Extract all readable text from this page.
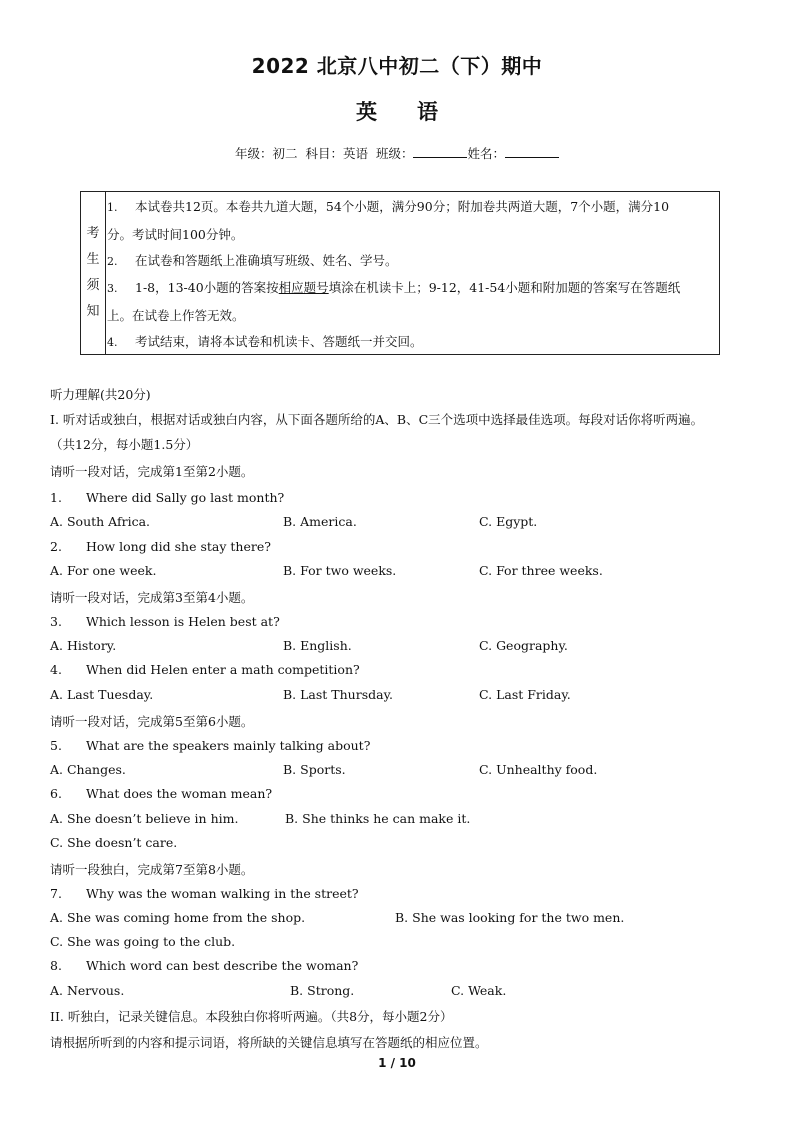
2022 北京八中初二（下）期中
英 语
年级：初二 科目：英语 班级：	姓名：
考
生
须
知
1. 本试卷共12页。本卷共九道大题，54个小题，满分90分；附加卷共两道大题，7个小题，满分10
分。考试时间100分钟。
2. 在试卷和答题纸上准确填写班级、姓名、学号。
3. 1-8，13-40小题的答案按相应题号填涂在机读卡上；9-12，41-54小题和附加题的答案写在答题纸
上。在试卷上作答无效。
4. 考试结束，请将本试卷和机读卡、答题纸一并交回。
听力理解(共20分)
I. 听对话或独白，根据对话或独白内容，从下面各题所给的A、B、C三个选项中选择最佳选项。每段对话你将听两遍。
（共12分，每小题1.5分）
请听一段对话，完成第1至第2小题。
1. Where did Sally go last month?
A. South Africa.	B. America.	C. Egypt.
2. How long did she stay there?
A. For one week.	B. For two weeks.	C. For three weeks.
请听一段对话，完成第3至第4小题。
3. Which lesson is Helen best at?
A. History.	B. English.	C. Geography.
4. When did Helen enter a math competition?
A. Last Tuesday.	B. Last Thursday.	C. Last Friday.
请听一段对话，完成第5至第6小题。
5. What are the speakers mainly talking about?
A. Changes.	B. Sports.	C. Unhealthy food.
6. What does the woman mean?
A. She doesn’t believe in him.	B. She thinks he can make it.
C. She doesn’t care.
请听一段独白，完成第7至第8小题。
7. Why was the woman walking in the street?
A. She was coming home from the shop.	B. She was looking for the two men.
C. She was going to the club.
8. Which word can best describe the woman?
A. Nervous.	B. Strong.	C. Weak.
II. 听独白，记录关键信息。本段独白你将听两遍。（共8分，每小题2分）
请根据所听到的内容和提示词语，将所缺的关键信息填写在答题纸的相应位置。
1 / 10
